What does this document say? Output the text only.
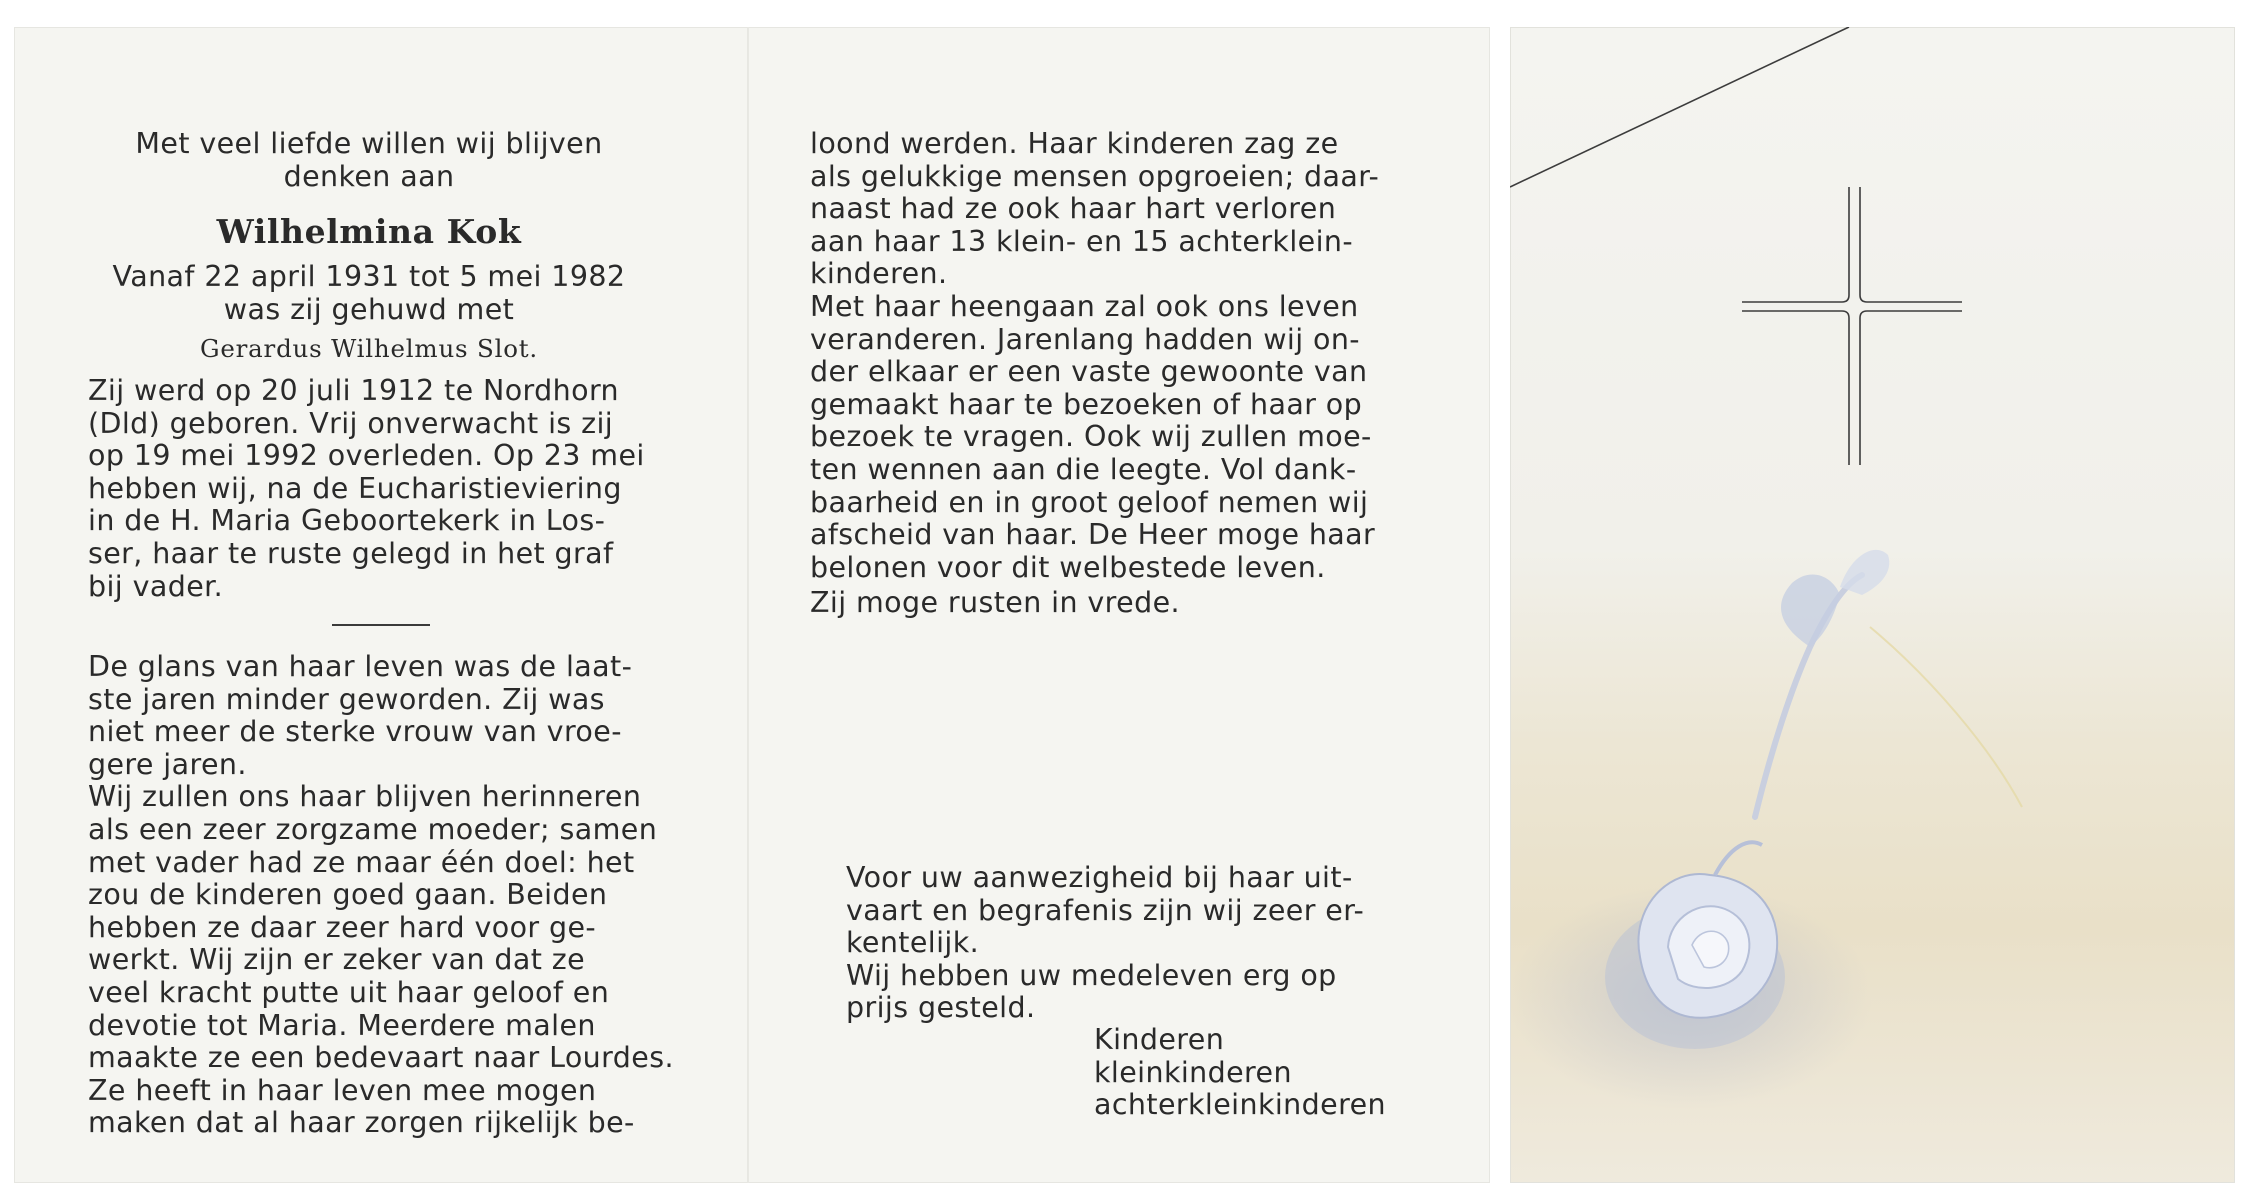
Met veel liefde willen wij blijven
denken aan
Wilhelmina Kok
Vanaf 22 april 1931 tot 5 mei 1982
was zij gehuwd met
Gerardus Wilhelmus Slot.
Zij werd op 20 juli 1912 te Nordhorn
(Dld) geboren. Vrij onverwacht is zij
op 19 mei 1992 overleden. Op 23 mei
hebben wij, na de Eucharistieviering
in de H. Maria Geboortekerk in Los-
ser, haar te ruste gelegd in het graf
bij vader.
De glans van haar leven was de laat-
ste jaren minder geworden. Zij was
niet meer de sterke vrouw van vroe-
gere jaren.
Wij zullen ons haar blijven herinneren
als een zeer zorgzame moeder; samen
met vader had ze maar één doel: het
zou de kinderen goed gaan. Beiden
hebben ze daar zeer hard voor ge-
werkt. Wij zijn er zeker van dat ze
veel kracht putte uit haar geloof en
devotie tot Maria. Meerdere malen
maakte ze een bedevaart naar Lourdes.
Ze heeft in haar leven mee mogen
maken dat al haar zorgen rijkelijk be-
loond werden. Haar kinderen zag ze
als gelukkige mensen opgroeien; daar-
naast had ze ook haar hart verloren
aan haar 13 klein- en 15 achterklein-
kinderen.
Met haar heengaan zal ook ons leven
veranderen. Jarenlang hadden wij on-
der elkaar er een vaste gewoonte van
gemaakt haar te bezoeken of haar op
bezoek te vragen. Ook wij zullen moe-
ten wennen aan die leegte. Vol dank-
baarheid en in groot geloof nemen wij
afscheid van haar. De Heer moge haar
belonen voor dit welbestede leven.
Zij moge rusten in vrede.
Voor uw aanwezigheid bij haar uit-
vaart en begrafenis zijn wij zeer er-
kentelijk.
Wij hebben uw medeleven erg op
prijs gesteld.
Kinderen
kleinkinderen
achterkleinkinderen
